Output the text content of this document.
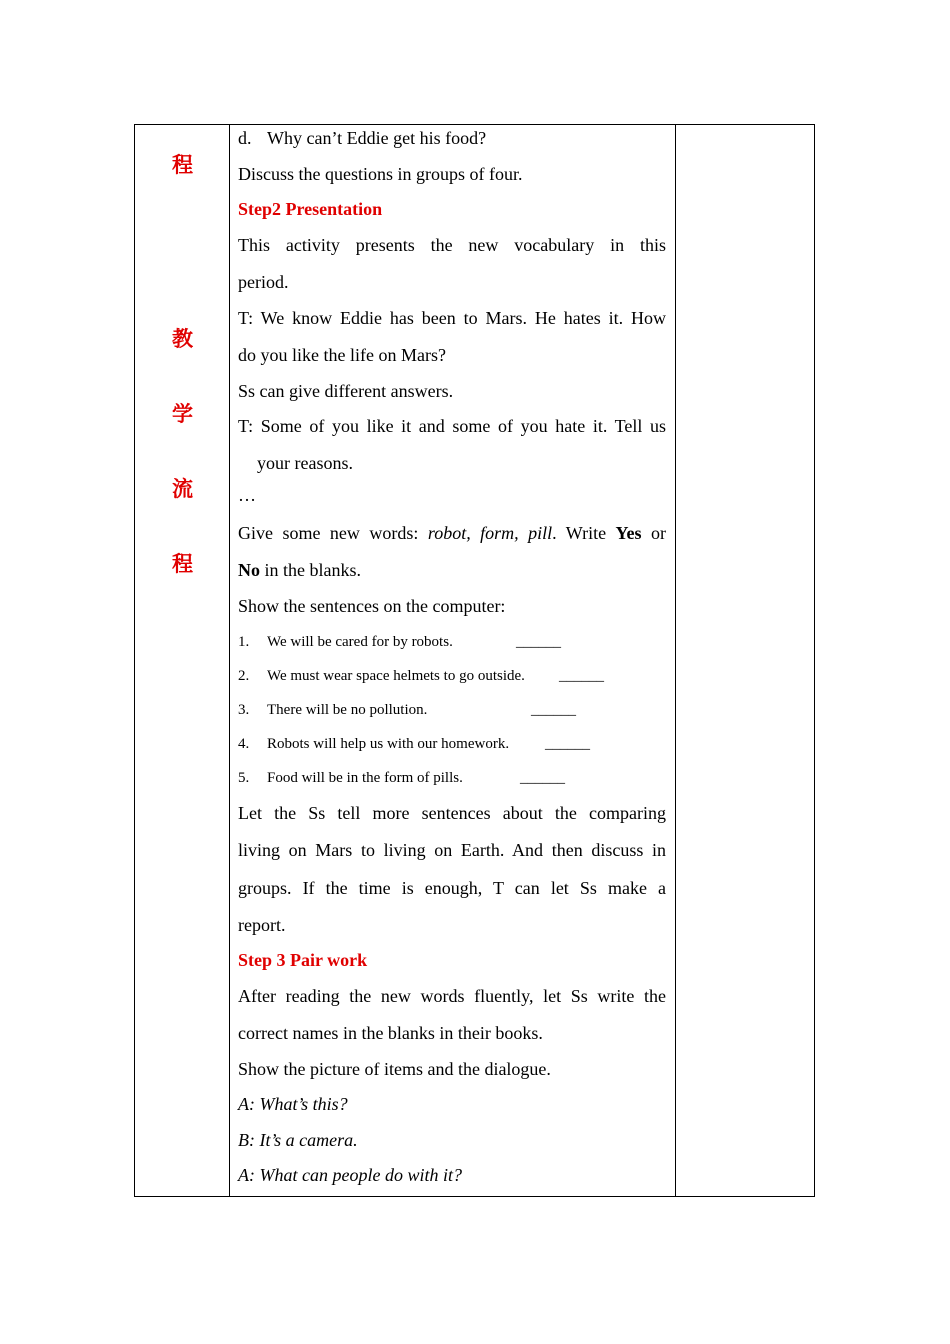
程
教
学
流
程
d. Why can’t Eddie get his food?
Discuss the questions in groups of four.
Step2 Presentation
This activity presents the new vocabulary in this
period.
T: We know Eddie has been to Mars. He hates it. How
do you like the life on Mars?
Ss can give different answers.
T: Some of you like it and some of you hate it. Tell us
your reasons.
…
Give some new words: robot, form, pill. Write Yes or
No in the blanks.
Show the sentences on the computer:
1. We will be cared for by robots.	______
2. We must wear space helmets to go outside. ______
3. There will be no pollution.	______
4. Robots will help us with our homework. ______
5. Food will be in the form of pills.	______
Let the Ss tell more sentences about the comparing
living on Mars to living on Earth. And then discuss in
groups. If the time is enough, T can let Ss make a
report.
Step 3 Pair work
After reading the new words fluently, let Ss write the
correct names in the blanks in their books.
Show the picture of items and the dialogue.
A: What’s this?
B: It’s a camera.
A: What can people do with it?
